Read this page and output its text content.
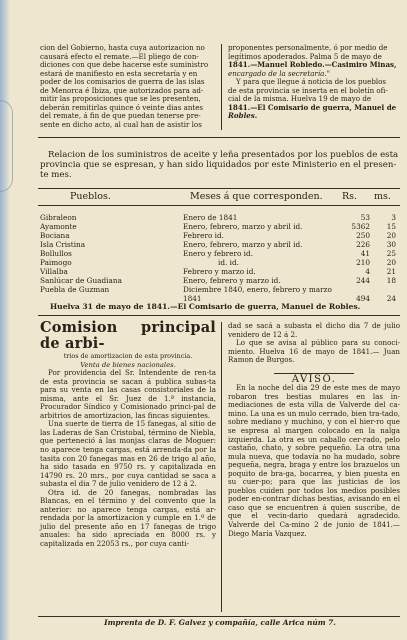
cion del Gobierno, hasta cuya autorizacion no

causará efecto el remate.—El pliego de con-

diciones con que debe hacerse este suministro

estará de manifiesto en esta secretaría y en

poder de los comisarios de guerra de las islas

de Menorca é Ibiza, que autorizados para ad-

mitir las proposiciones que se les presenten,

deberán remitirlas quince ó veinte dias antes

del remate, á fin de que puedan tenerse pre-

sente en dicho acto, al cual han de asistir los

proponentes personalmente, ó por medio de

legítimos apoderados. Palma 5 de mayo de

1841.—Manuel Robledo.—Casimiro Minas,

encargado de la secretaría."

Y para que llegue á noticia de los pueblos

de esta provincia se inserta en el boletín ofi-

cial de la misma. Huelva 19 de mayo de

1841.—El Comisario de guerra, Manuel de

Robles.

Relacion de los suministros de aceite y leña presentados por los pueblos de esta

provincia que se espresan, y han sido liquidados por este Ministerio en el presen-

te mes.

Pueblos.	Meses á que corresponden. Rs. ms.
Gibraleon	Enero de 1841	53	3
Ayamonte	Enero, febrero, marzo y abril id.	5362 15
Bociana	Febrero id.	250 20
Isla Cristina	Enero, febrero, marzo y abril id.	226 30
Bollullos	Enero y febrero id.	41 25
Paimogo	id. id.	210 20
Villalba	Febrero y marzo id.	4 21
Sanlúcar de Guadiana	Enero, febrero y marzo id.	244 18
Puebla de Guzman	Diciembre 1840, enero, febrero y marzo
1841	494 24

Huelva 31 de mayo de 1841.—El Comisario de guerra, Manuel de Robles.

Comision principal de arbi-

trios de amortizacion de esta provincia.

Venta de bienes nacionales.

Por providencia del Sr. Intendente de ren-ta de esta provincia se sacan á publica subas-ta para su venta en las casas consistoriales de la misma, ante el Sr. Juez de 1.ª instancia, Procurador Síndico y Comisionado princi-pal de arbitrios de amortizacion, las fincas siguientes.

Una suerte de tierra de 15 fanegas, al sitio de las Laderas de San Cristobal, término de Niebla, que perteneció á las monjas claras de Moguer: no aparece tenga cargas, está arrenda-da por la tasita con 20 fanegas mas en 26 de trigo al año, ha sido tasada en 9750 rs. y capitalizada en 14790 rs. 20 mrs., por cuya cantidad se saca a subasta el dia 7 de julio venidero de 12 á 2.

Otra id. de 20 fanegas, nombradas las Blancas, en el término y del convento que la anterior: no aparece tenga cargas, está ar-rendada por la amortizacion y cumple en 1.º de julio del presente año en 17 fanegas de trigo anuales: ha sido apreciada en 8000 rs. y capitalizada en 22053 rs., por cuya canti-

dad se sacá a subasta el dicho dia 7 de julio venidero de 12 á 2.

Lo que se avisa al público para su conoci-miento. Huelva 16 de mayo de 1841.— Juan Ramon de Burgos.

AVISO.

En la noche del dia 29 de este mes de mayo robaron tres bestias mulares en las in-mediaciones de esta villa de Valverde del ca-mino. La una es un mulo cerrado, bien tra-tado, sobre mediano y muchino, y con el hier-ro que se espresa al margen colocado en la nalga izquierda. La otra es un caballo cer-rado, pelo castaño, chato, y sobre pequeño. La otra una mula nueva, que todavía no ha mudado, sobre pequeña, negra, braga y entre los brazuelos un poquito de bra-ga, bocarrea, y bien puesta en su cuer-po; para que las justicias de los pueblos cuiden por todos los medios posibles poder en-contrar dichas bestias, avisando en el caso que se encuentren á quien suscribe, de que el vecin-dario quedará agradecido. Valverde del Ca-mino 2 de junio de 1841.—Diego María Vazquez.

Imprenta de D. F. Galvez y compañía, calle Arica núm 7.
